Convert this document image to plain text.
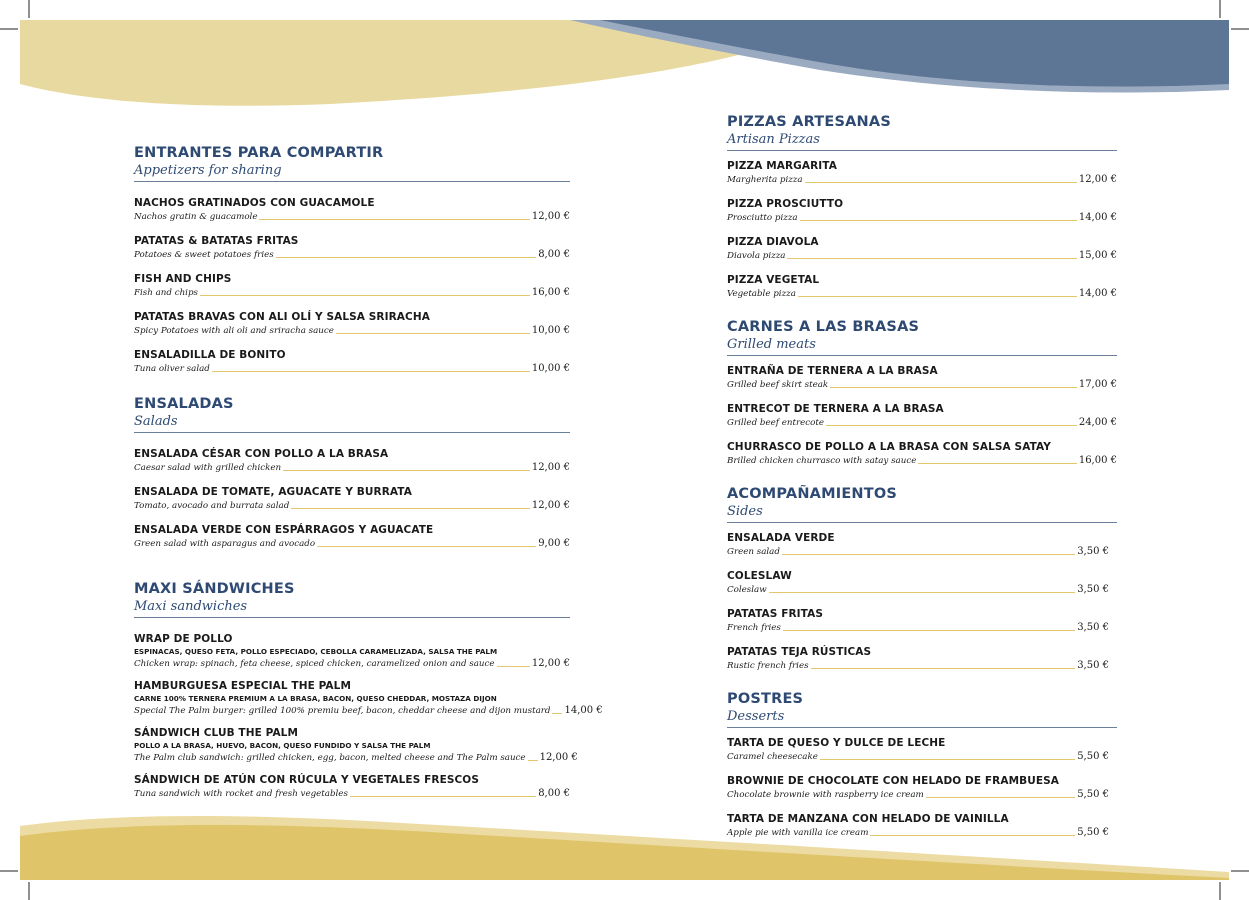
ENTRANTES PARA COMPARTIR
Appetizers for sharing
NACHOS GRATINADOS CON GUACAMOLE
Nachos gratin & guacamole	12,00 €
PATATAS & BATATAS FRITAS
Potatoes & sweet potatoes fries	8,00 €
FISH AND CHIPS
Fish and chips	16,00 €
PATATAS BRAVAS CON ALI OLÍ Y SALSA SRIRACHA
Spicy Potatoes with ali oli and sriracha sauce	10,00 €
ENSALADILLA DE BONITO
Tuna oliver salad	10,00 €
ENSALADAS
Salads
ENSALADA CÉSAR CON POLLO A LA BRASA
Caesar salad with grilled chicken	12,00 €
ENSALADA DE TOMATE, AGUACATE Y BURRATA
Tomato, avocado and burrata salad	12,00 €
ENSALADA VERDE CON ESPÁRRAGOS Y AGUACATE
Green salad with asparagus and avocado	9,00 €
MAXI SÁNDWICHES
Maxi sandwiches
WRAP DE POLLO
ESPINACAS, QUESO FETA, POLLO ESPECIADO, CEBOLLA CARAMELIZADA, SALSA THE PALM
Chicken wrap: spinach, feta cheese, spiced chicken, caramelized onion and sauce	12,00 €
HAMBURGUESA ESPECIAL THE PALM
CARNE 100% TERNERA PREMIUM A LA BRASA, BACON, QUESO CHEDDAR, MOSTAZA DIJON
Special The Palm burger: grilled 100% premiu beef, bacon, cheddar cheese and dijon mustard 14,00 €
SÁNDWICH CLUB THE PALM
POLLO A LA BRASA, HUEVO, BACON, QUESO FUNDIDO Y SALSA THE PALM
The Palm club sandwich: grilled chicken, egg, bacon, melted cheese and The Palm sauce 12,00 €
SÁNDWICH DE ATÚN CON RÚCULA Y VEGETALES FRESCOS
Tuna sandwich with rocket and fresh vegetables	8,00 €
PIZZAS ARTESANAS
Artisan Pizzas
PIZZA MARGARITA
Margherita pizza	12,00 €
PIZZA PROSCIUTTO
Prosciutto pizza	14,00 €
PIZZA DIAVOLA
Diavola pizza	15,00 €
PIZZA VEGETAL
Vegetable pizza	14,00 €
CARNES A LAS BRASAS
Grilled meats
ENTRAÑA DE TERNERA A LA BRASA
Grilled beef skirt steak	17,00 €
ENTRECOT DE TERNERA A LA BRASA
Grilled beef entrecote	24,00 €
CHURRASCO DE POLLO A LA BRASA CON SALSA SATAY
Brilled chicken churrasco with satay sauce	16,00 €
ACOMPAÑAMIENTOS
Sides
ENSALADA VERDE
Green salad	3,50 €
COLESLAW
Coleslaw	3,50 €
PATATAS FRITAS
French fries	3,50 €
PATATAS TEJA RÚSTICAS
Rustic french fries	3,50 €
POSTRES
Desserts
TARTA DE QUESO Y DULCE DE LECHE
Caramel cheesecake	5,50 €
BROWNIE DE CHOCOLATE CON HELADO DE FRAMBUESA
Chocolate brownie with raspberry ice cream	5,50 €
TARTA DE MANZANA CON HELADO DE VAINILLA
Apple pie with vanilla ice cream	5,50 €
